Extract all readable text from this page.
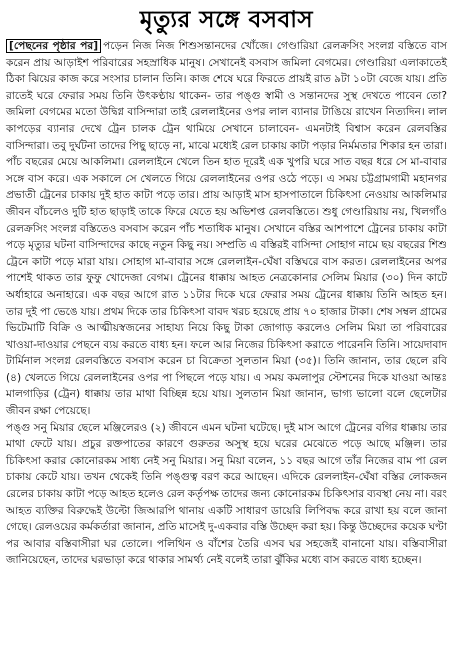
মৃত্যুর সঙ্গে বসবাস

[পেছনের পৃষ্ঠার পর] পড়েন নিজ নিজ শিশুসন্তানদের খোঁজে। গেণ্ডারিয়া রেলক্রসিং সংলগ্ন বস্তিতে বাস করেন প্রায় আড়াইশ পরিবারের সহস্রাধিক মানুষ। সেখানেই বসবাস জমিলা বেগমের। গেণ্ডারিয়া এলাকাতেই ঠিকা ঝিয়ের কাজ করে সংসার চালান তিনি। কাজ শেষে ঘরে ফিরতে প্রায়ই রাত ৯টা ১০টা বেজে যায়। প্রতি রাতেই ঘরে ফেরার সময় তিনি উৎকণ্ঠায় থাকেন- তার পঙ্গু স্বামী ও সন্তানদের সুস্থ দেখতে পাবেন তো? জমিলা বেগমের মতো উদ্বিগ্ন বাসিন্দারা তাই রেললাইনের ওপর লাল ব্যানার টাঙিয়ে রাখেন নিত্যদিন। লাল কাপড়ের ব্যানার দেখে ট্রেন চালক ট্রেন থামিয়ে সেখানে চালাবেন- এমনটাই বিশ্বাস করেন রেলবস্তির বাসিন্দারা। তবু দুর্ঘটনা তাদের পিছু ছাড়ে না, মাঝে মধ্যেই রেল চাকায় কাটা পড়ার নির্মমতার শিকার হন তারা। পাঁচ বছরের মেয়ে আকলিমা। রেললাইনে খেলে তিন হাত দূরেই এক খুপরি ঘরে সাত বছর ধরে সে মা-বাবার সঙ্গে বাস করে। এক সকালে সে খেলতে গিয়ে রেললাইনের ওপর ওঠে পড়ে। এ সময় চট্টগ্রামগামী মহানগর প্রভাতী ট্রেনের চাকায় দুই হাত কাটা পড়ে তার। প্রায় আড়াই মাস হাসপাতালে চিকিৎসা নেওয়ায় আকলিমার জীবন বাঁচলেও দুটি হাত ছাড়াই তাকে ফিরে যেতে হয় অভিশপ্ত রেলবস্তিতে। শুধু গেণ্ডারিয়ায় নয়, খিলগাঁও রেলক্রসিং সংলগ্ন বস্তিতেও বসবাস করেন পাঁচ শতাধিক মানুষ। সেখানে বস্তির আশপাশে ট্রেনের চাকায় কাটা পড়ে মৃত্যুর ঘটনা বাসিন্দাদের কাছে নতুন কিছু নয়। সম্প্রতি এ বস্তিরই বাসিন্দা সোহাগ নামে ছয় বছরের শিশু ট্রেনে কাটা পড়ে মারা যায়। সোহাগ মা-বাবার সঙ্গে রেললাইন-ঘেঁষা বস্তিঘরে বাস করত। রেললাইনের অপর পাশেই থাকত তার ফুফু খোদেজা বেগম। ট্রেনের ধাক্কায় আহত নেত্রকোনার সেলিম মিয়ার (৩০) দিন কাটে অর্ধাহারে অনাহারে। এক বছর আগে রাত ১১টার দিকে ঘরে ফেরার সময় ট্রেনের ধাক্কায় তিনি আহত হন। তার দুই পা ভেঙে যায়। প্রথম দিকে তার চিকিৎসা বাবদ খরচ হয়েছে প্রায় ৭০ হাজার টাকা। শেষ সম্বল গ্রামের ভিটেমাটি বিক্রি ও আত্মীয়স্বজনের সাহায্য নিয়ে কিছু টাকা জোগাড় করলেও সেলিম মিয়া তা পরিবারের খাওয়া-দাওয়ার পেছনে ব্যয় করতে বাধ্য হন। ফলে আর নিজের চিকিৎসা করাতে পারেননি তিনি। সায়েদাবাদ টার্মিনাল সংলগ্ন রেলবস্তিতে বসবাস করেন চা বিক্রেতা সুলতান মিয়া (৩৫)। তিনি জানান, তার ছেলে রবি (৪) খেলতে গিয়ে রেললাইনের ওপর পা পিছলে পড়ে যায়। এ সময় কমলাপুর স্টেশনের দিকে যাওয়া আন্তঃ মালগাড়ির (ট্রেন) ধাক্কায় তার মাথা বিচ্ছিন্ন হয়ে যায়। সুলতান মিয়া জানান, ভাগ্য ভালো বলে ছেলেটার জীবন রক্ষা পেয়েছে।
পঙ্গু সনু মিয়ার ছেলে মঞ্জিলেরও (২) জীবনে এমন ঘটনা ঘটেছে। দুই মাস আগে ট্রেনের বগির ধাক্কায় তার মাথা ফেটে যায়। প্রচুর রক্তপাতের কারণে গুরুতর অসুস্থ হয়ে ঘরের মেঝেতে পড়ে আছে মঞ্জিল। তার চিকিৎসা করার কোনোরকম সাধ্য নেই সনু মিয়ার। সনু মিয়া বলেন, ১১ বছর আগে তাঁর নিজের বাম পা রেল চাকায় কেটে যায়। তখন থেকেই তিনি পঙ্গুত্ব বরণ করে আছেন। এদিকে রেললাইন-ঘেঁষা বস্তির লোকজন রেলের চাকায় কাটা পড়ে আহত হলেও রেল কর্তৃপক্ষ তাদের জন্য কোনোরকম চিকিৎসার ব্যবস্থা নেয় না। বরং আহত ব্যক্তির বিরুদ্ধেই উল্টো জিআরপি থানায় একটি সাধারণ ডায়েরি লিপিবদ্ধ করে রাখা হয় বলে জানা গেছে। রেলওয়ের কর্মকর্তারা জানান, প্রতি মাসেই দু-একবার বস্তি উচ্ছেদ করা হয়। কিন্তু উচ্ছেদের কয়েক ঘণ্টা পর আবার বস্তিবাসীরা ঘর তোলে। পলিথিন ও বাঁশের তৈরি এসব ঘর সহজেই বানানো যায়। বস্তিবাসীরা জানিয়েছেন, তাদের ঘরভাড়া করে থাকার সামর্থ্য নেই বলেই তারা ঝুঁকির মধ্যে বাস করতে বাধ্য হচ্ছেন।
